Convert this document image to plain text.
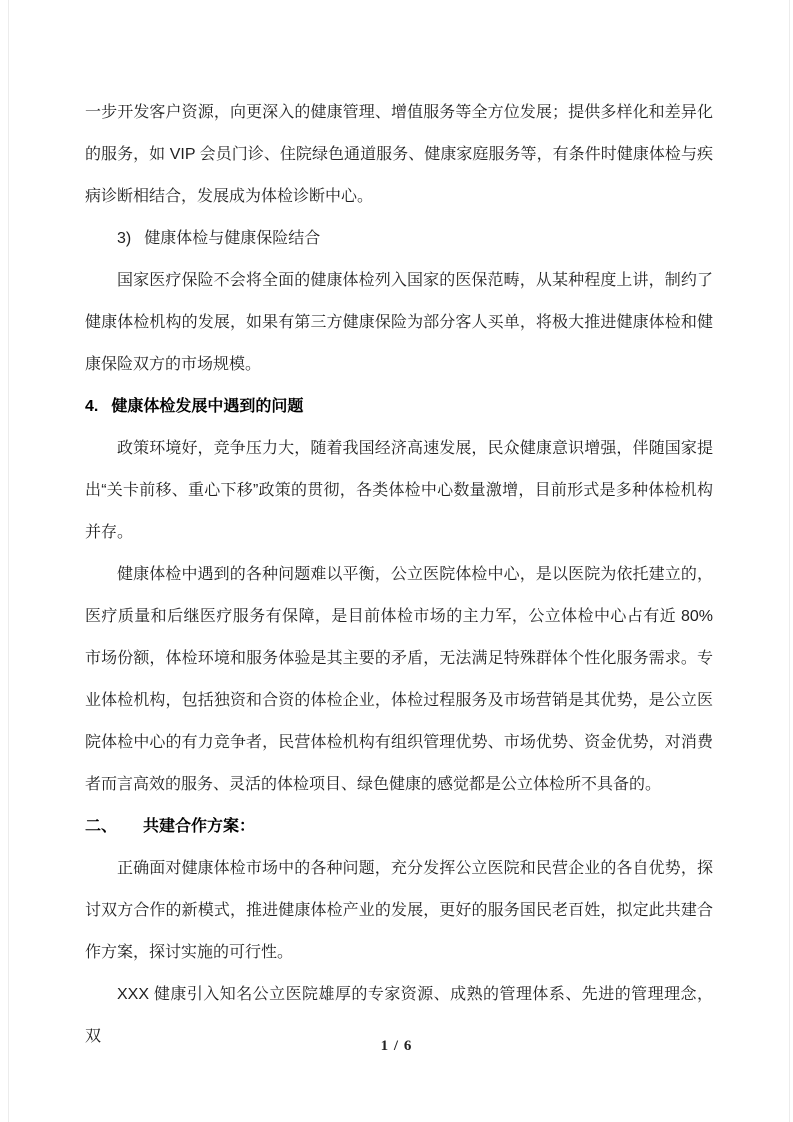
一步开发客户资源，向更深入的健康管理、增值服务等全方位发展；提供多样化和差异化的服务，如 VIP 会员门诊、住院绿色通道服务、健康家庭服务等，有条件时健康体检与疾病诊断相结合，发展成为体检诊断中心。

3) 健康体检与健康保险结合

国家医疗保险不会将全面的健康体检列入国家的医保范畴，从某种程度上讲，制约了健康体检机构的发展，如果有第三方健康保险为部分客人买单，将极大推进健康体检和健康保险双方的市场规模。

4. 健康体检发展中遇到的问题

政策环境好，竞争压力大，随着我国经济高速发展，民众健康意识增强，伴随国家提出“关卡前移、重心下移”政策的贯彻，各类体检中心数量激增，目前形式是多种体检机构并存。

健康体检中遇到的各种问题难以平衡，公立医院体检中心，是以医院为依托建立的，医疗质量和后继医疗服务有保障，是目前体检市场的主力军，公立体检中心占有近 80%市场份额，体检环境和服务体验是其主要的矛盾，无法满足特殊群体个性化服务需求。专业体检机构，包括独资和合资的体检企业，体检过程服务及市场营销是其优势，是公立医院体检中心的有力竞争者，民营体检机构有组织管理优势、市场优势、资金优势，对消费者而言高效的服务、灵活的体检项目、绿色健康的感觉都是公立体检所不具备的。

二、 共建合作方案：

正确面对健康体检市场中的各种问题，充分发挥公立医院和民营企业的各自优势，探讨双方合作的新模式，推进健康体检产业的发展，更好的服务国民老百姓，拟定此共建合作方案，探讨实施的可行性。

XXX 健康引入知名公立医院雄厚的专家资源、成熟的管理体系、先进的管理理念，双

1 / 6
